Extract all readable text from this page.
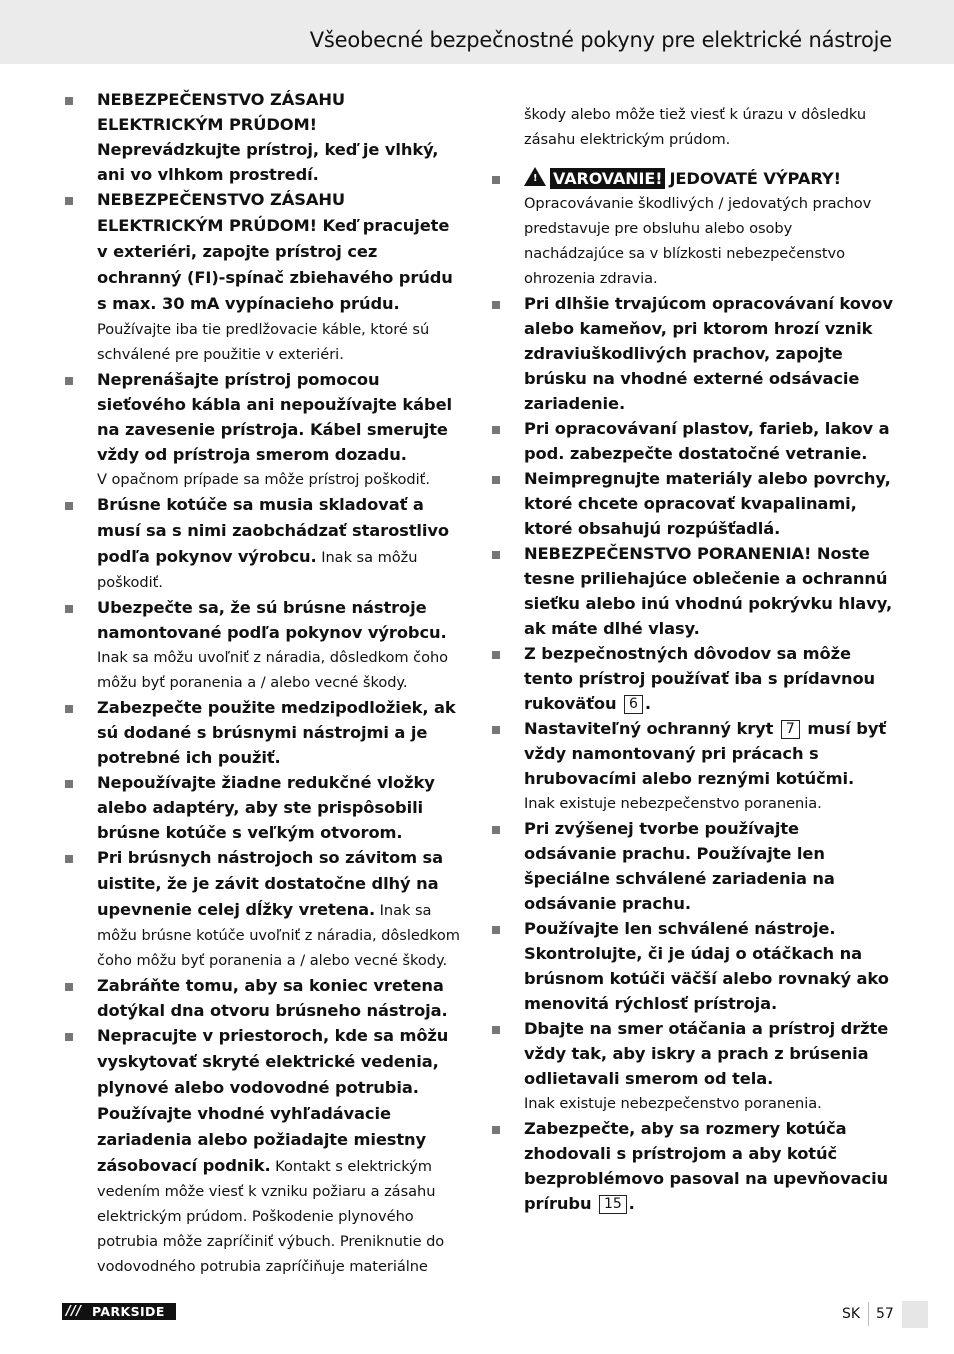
Všeobecné bezpečnostné pokyny pre elektrické nástroje

NEBEZPEČENSTVO ZÁSAHU ELEKTRICKÝM PRÚDOM! Neprevádzkujte prístroj, keď je vlhký, ani vo vlhkom prostredí.

NEBEZPEČENSTVO ZÁSAHU ELEKTRICKÝM PRÚDOM! Keď pracujete v exteriéri, zapojte prístroj cez ochranný (FI)-spínač zbiehavého prúdu s max. 30 mA vypínacieho prúdu. Používajte iba tie predlžovacie káble, ktoré sú schválené pre použitie v exteriéri.

Neprenášajte prístroj pomocou sieťového kábla ani nepoužívajte kábel na zavesenie prístroja. Kábel smerujte vždy od prístroja smerom dozadu.

V opačnom prípade sa môže prístroj poškodiť.

Brúsne kotúče sa musia skladovať a musí sa s nimi zaobchádzať starostlivo podľa pokynov výrobcu. Inak sa môžu poškodiť.

Ubezpečte sa, že sú brúsne nástroje namontované podľa pokynov výrobcu.

Inak sa môžu uvoľniť z náradia, dôsledkom čoho môžu byť poranenia a / alebo vecné škody.

Zabezpečte použite medzipodložiek, ak sú dodané s brúsnymi nástrojmi a je potrebné ich použiť.

Nepoužívajte žiadne redukčné vložky alebo adaptéry, aby ste prispôsobili brúsne kotúče s veľkým otvorom.

Pri brúsnych nástrojoch so závitom sa uistite, že je závit dostatočne dlhý na upevnenie celej dĺžky vretena. Inak sa môžu brúsne kotúče uvoľniť z náradia, dôsledkom čoho môžu byť poranenia a / alebo vecné škody.

Zabráňte tomu, aby sa koniec vretena dotýkal dna otvoru brúsneho nástroja.

Nepracujte v priestoroch, kde sa môžu vyskytovať skryté elektrické vedenia, plynové alebo vodovodné potrubia. Používajte vhodné vyhľadávacie zariadenia alebo požiadajte miestny zásobovací podnik. Kontakt s elektrickým vedením môže viesť k vzniku požiaru a zásahu elektrickým prúdom. Poškodenie plynového potrubia môže zapríčiniť výbuch. Preniknutie do vodovodného potrubia zapríčiňuje materiálne

škody alebo môže tiež viesť k úrazu v dôsledku zásahu elektrickým prúdom.

! VAROVANIE! JEDOVATÉ VÝPARY!

Opracovávanie škodlivých / jedovatých prachov predstavuje pre obsluhu alebo osoby nachádzajúce sa v blízkosti nebezpečenstvo ohrozenia zdravia.

Pri dlhšie trvajúcom opracovávaní kovov alebo kameňov, pri ktorom hrozí vznik zdraviuškodlivých prachov, zapojte brúsku na vhodné externé odsávacie zariadenie.

Pri opracovávaní plastov, farieb, lakov a pod. zabezpečte dostatočné vetranie.

Neimpregnujte materiály alebo povrchy, ktoré chcete opracovať kvapalinami, ktoré obsahujú rozpúšťadlá.

NEBEZPEČENSTVO PORANENIA! Noste tesne priliehajúce oblečenie a ochrannú sieťku alebo inú vhodnú pokrývku hlavy, ak máte dlhé vlasy.

Z bezpečnostných dôvodov sa môže tento prístroj používať iba s prídavnou rukoväťou 6 .

Nastaviteľný ochranný kryt 7 musí byť vždy namontovaný pri prácach s hrubovacími alebo reznými kotúčmi.

Inak existuje nebezpečenstvo poranenia.

Pri zvýšenej tvorbe používajte odsávanie prachu. Používajte len špeciálne schválené zariadenia na odsávanie prachu.

Používajte len schválené nástroje. Skontrolujte, či je údaj o otáčkach na brúsnom kotúči väčší alebo rovnaký ako menovitá rýchlosť prístroja.

Dbajte na smer otáčania a prístroj držte vždy tak, aby iskry a prach z brúsenia odlietavali smerom od tela.

Inak existuje nebezpečenstvo poranenia.

Zabezpečte, aby sa rozmery kotúča zhodovali s prístrojom a aby kotúč bezproblémovo pasoval na upevňovaciu prírubu 15 .

/// PARKSIDE	SK 57
